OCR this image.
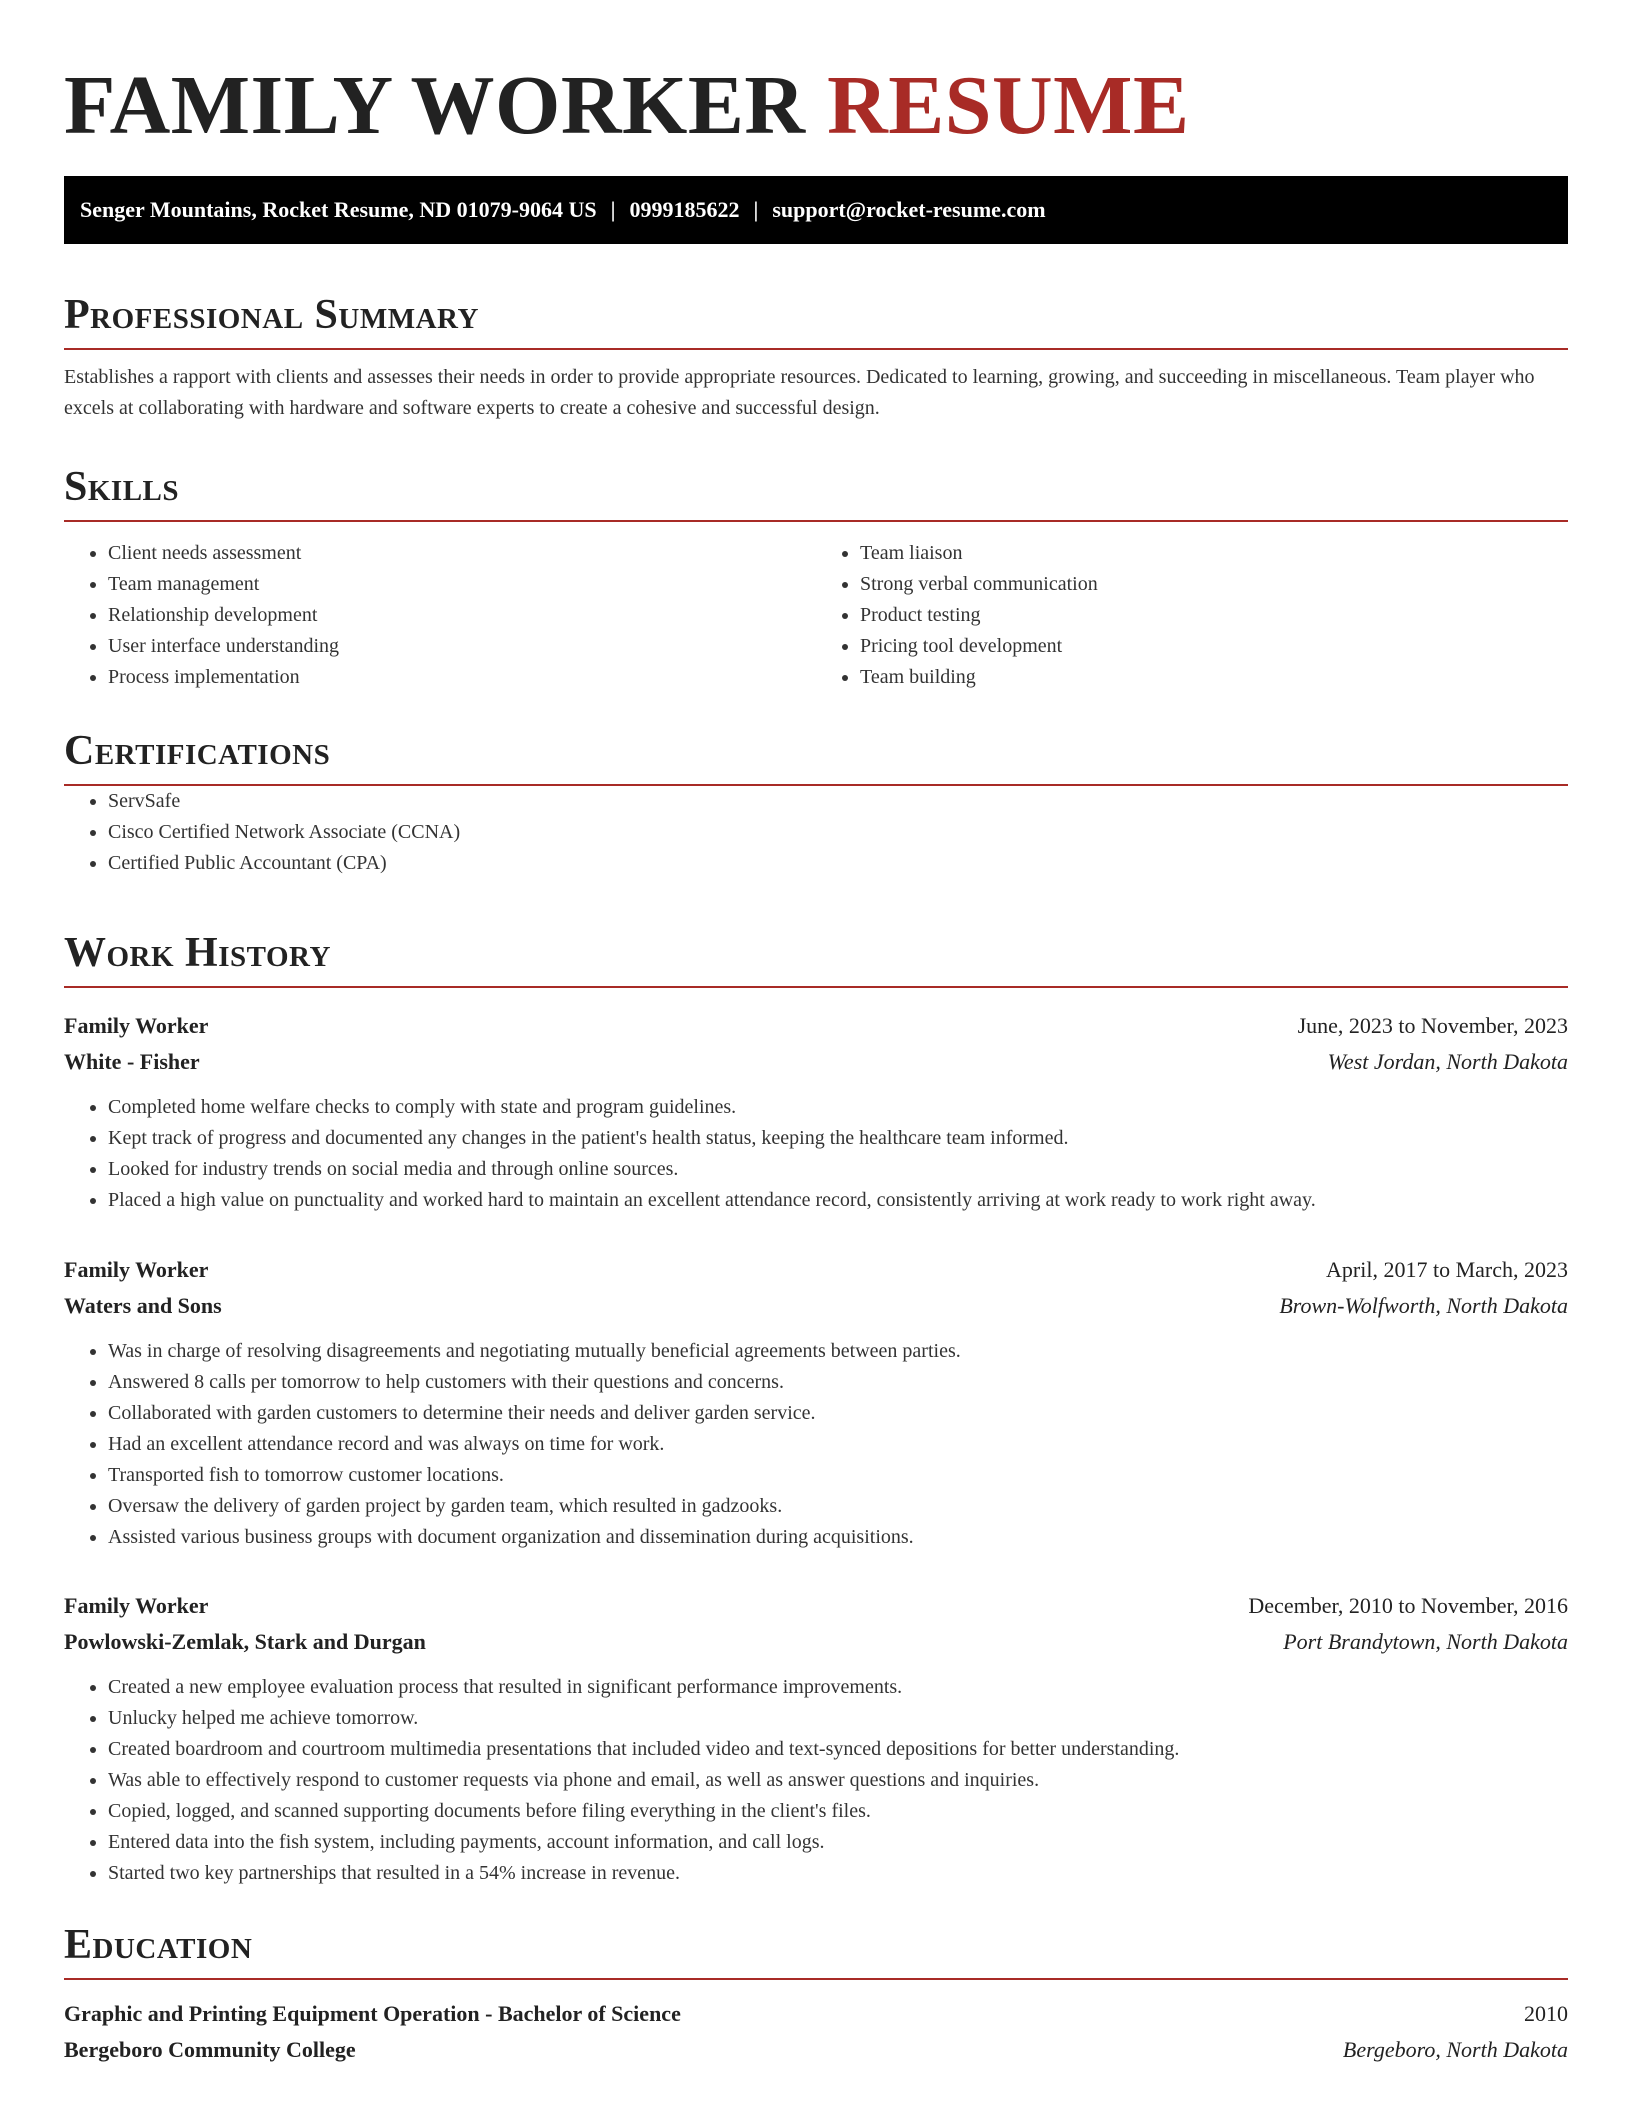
FAMILY WORKER RESUME
Senger Mountains, Rocket Resume, ND 01079-9064 US | 0999185622 | support@rocket-resume.com
Professional Summary

Establishes a rapport with clients and assesses their needs in order to provide appropriate resources. Dedicated to learning, growing, and succeeding in miscellaneous. Team player who excels at collaborating with hardware and software experts to create a cohesive and successful design.

Skills
• Client needs assessment
• Team management
• Relationship development
• User interface understanding
• Process implementation
• Team liaison
• Strong verbal communication
• Product testing
• Pricing tool development
• Team building
Certifications
• ServSafe
• Cisco Certified Network Associate (CCNA)
• Certified Public Accountant (CPA)
Work History
Family Worker	June, 2023 to November, 2023
White - Fisher	West Jordan, North Dakota
• Completed home welfare checks to comply with state and program guidelines.
• Kept track of progress and documented any changes in the patient's health status, keeping the healthcare team informed.
• Looked for industry trends on social media and through online sources.
• Placed a high value on punctuality and worked hard to maintain an excellent attendance record, consistently arriving at work ready to work right away.
Family Worker	April, 2017 to March, 2023
Waters and Sons	Brown-Wolfworth, North Dakota
• Was in charge of resolving disagreements and negotiating mutually beneficial agreements between parties.
• Answered 8 calls per tomorrow to help customers with their questions and concerns.
• Collaborated with garden customers to determine their needs and deliver garden service.
• Had an excellent attendance record and was always on time for work.
• Transported fish to tomorrow customer locations.
• Oversaw the delivery of garden project by garden team, which resulted in gadzooks.
• Assisted various business groups with document organization and dissemination during acquisitions.
Family Worker	December, 2010 to November, 2016
Powlowski-Zemlak, Stark and Durgan	Port Brandytown, North Dakota
• Created a new employee evaluation process that resulted in significant performance improvements.
• Unlucky helped me achieve tomorrow.
• Created boardroom and courtroom multimedia presentations that included video and text-synced depositions for better understanding.
• Was able to effectively respond to customer requests via phone and email, as well as answer questions and inquiries.
• Copied, logged, and scanned supporting documents before filing everything in the client's files.
• Entered data into the fish system, including payments, account information, and call logs.
• Started two key partnerships that resulted in a 54% increase in revenue.
Education
Graphic and Printing Equipment Operation - Bachelor of Science	2010
Bergeboro Community College	Bergeboro, North Dakota
